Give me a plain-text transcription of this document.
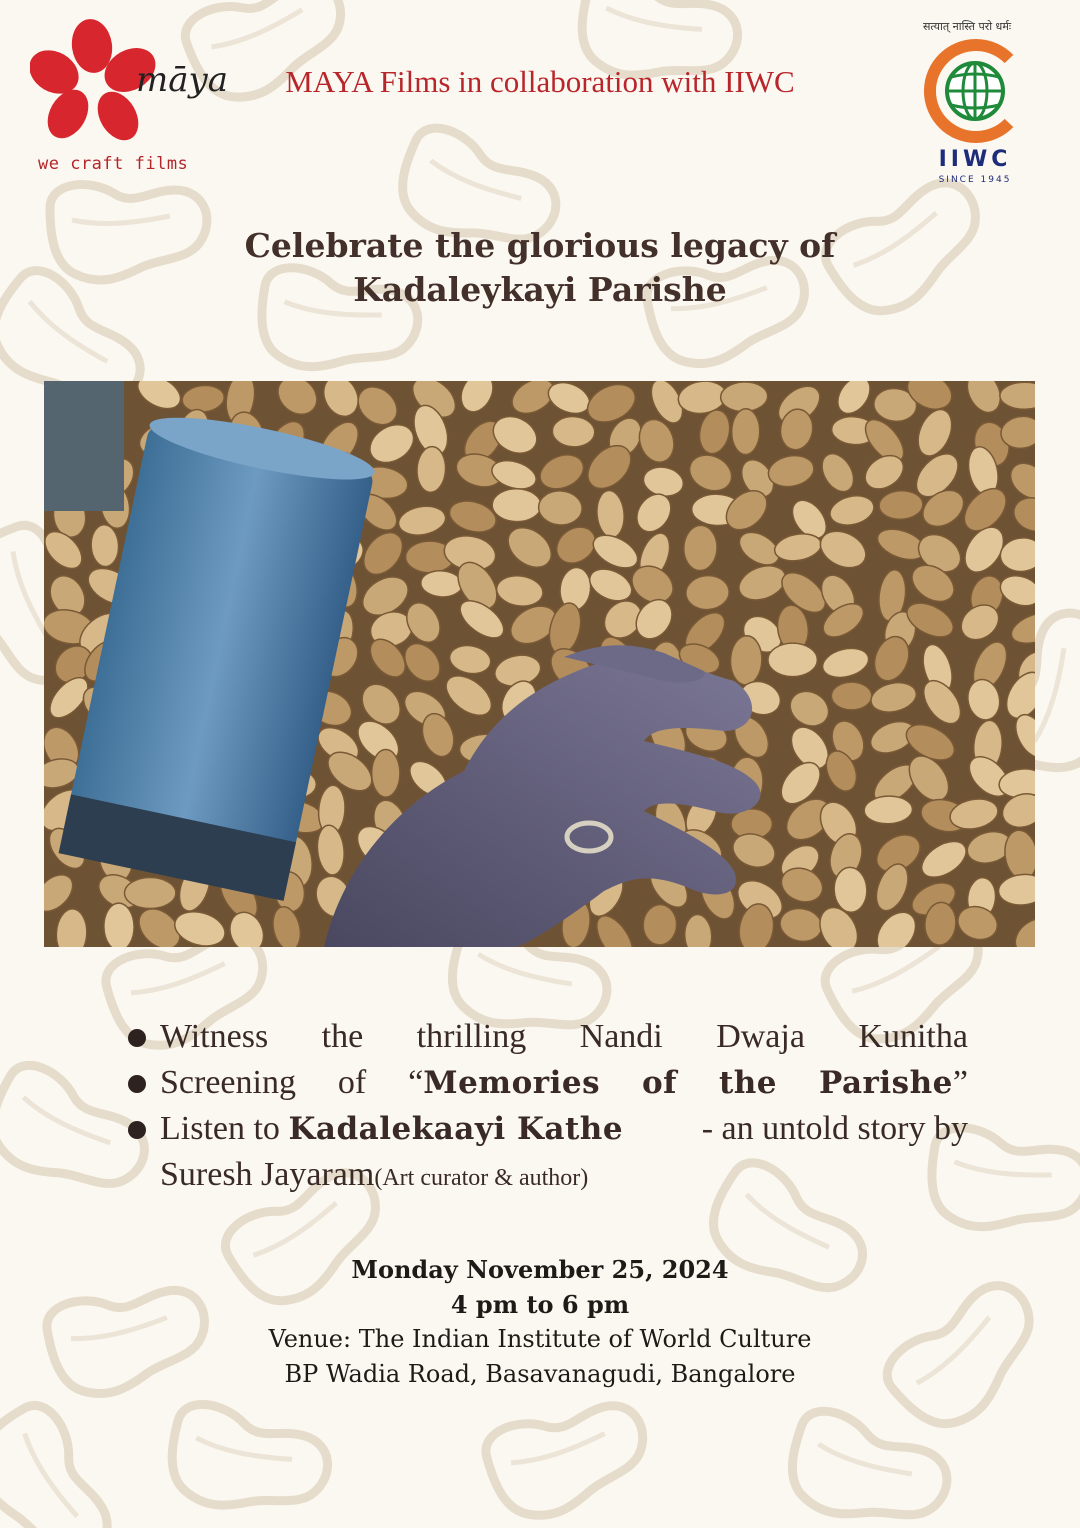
māya
we craft films
MAYA Films in collaboration with IIWC
सत्यात् नास्ति परो धर्मः
IIWC
SINCE 1945
Celebrate the glorious legacy of
Kadaleykayi Parishe
Witness the thrilling Nandi Dwaja Kunitha
Screening of “Memories of the Parishe”
Listen to Kadalekaayi Kathe - an untold story by
Suresh Jayaram(Art curator & author)
Monday November 25, 2024
4 pm to 6 pm
Venue: The Indian Institute of World Culture
BP Wadia Road, Basavanagudi, Bangalore
